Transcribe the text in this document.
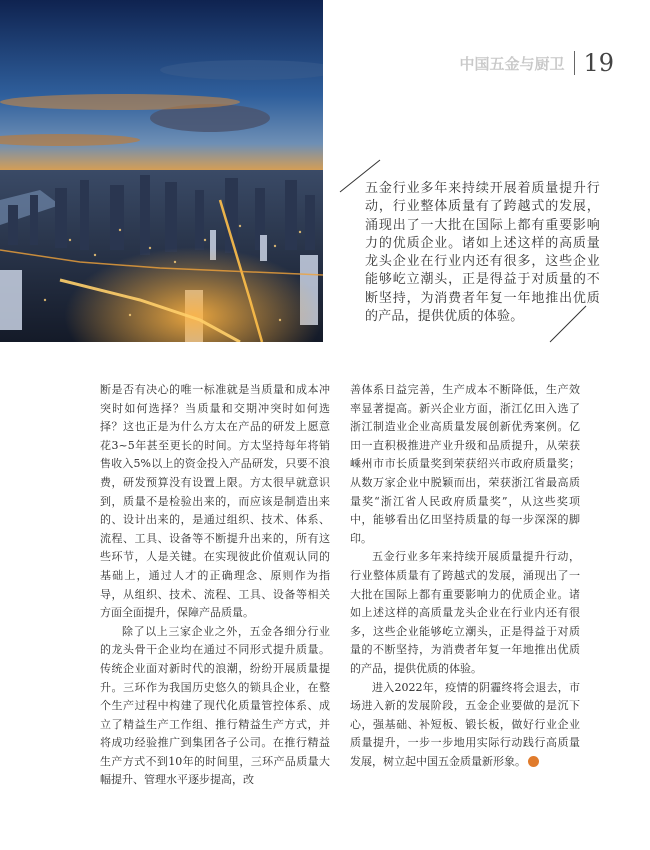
中国五金与厨卫 19
五金行业多年来持续开展着质量提升行动，行业整体质量有了跨越式的发展，涌现出了一大批在国际上都有重要影响力的优质企业。诸如上述这样的高质量龙头企业在行业内还有很多，这些企业能够屹立潮头，正是得益于对质量的不断坚持，为消费者年复一年地推出优质的产品，提供优质的体验。

断是否有决心的唯一标准就是当质量和成本冲突时如何选择？当质量和交期冲突时如何选择？这也正是为什么方太在产品的研发上愿意花3~5年甚至更长的时间。方太坚持每年将销售收入5%以上的资金投入产品研发，只要不浪费，研发预算没有设置上限。方太很早就意识到，质量不是检验出来的，而应该是制造出来的、设计出来的，是通过组织、技术、体系、流程、工具、设备等不断提升出来的，所有这些环节，人是关键。在实现彼此价值观认同的基础上，通过人才的正确理念、原则作为指导，从组织、技术、流程、工具、设备等相关方面全面提升，保障产品质量。

除了以上三家企业之外，五金各细分行业的龙头骨干企业均在通过不同形式提升质量。传统企业面对新时代的浪潮，纷纷开展质量提升。三环作为我国历史悠久的锁具企业，在整个生产过程中构建了现代化质量管控体系、成立了精益生产工作组、推行精益生产方式，并将成功经验推广到集团各子公司。在推行精益生产方式不到10年的时间里，三环产品质量大幅提升、管理水平逐步提高，改

善体系日益完善，生产成本不断降低，生产效率显著提高。新兴企业方面，浙江亿田入选了浙江制造业企业高质量发展创新优秀案例。亿田一直积极推进产业升级和品质提升，从荣获嵊州市市长质量奖到荣获绍兴市政府质量奖；从数万家企业中脱颖而出，荣获浙江省最高质量奖“浙江省人民政府质量奖”，从这些奖项中，能够看出亿田坚持质量的每一步深深的脚印。

五金行业多年来持续开展质量提升行动，行业整体质量有了跨越式的发展，涌现出了一大批在国际上都有重要影响力的优质企业。诸如上述这样的高质量龙头企业在行业内还有很多，这些企业能够屹立潮头，正是得益于对质量的不断坚持，为消费者年复一年地推出优质的产品，提供优质的体验。

进入2022年，疫情的阴霾终将会退去，市场进入新的发展阶段，五金企业要做的是沉下心，强基础、补短板、锻长板，做好行业企业质量提升，一步一步地用实际行动践行高质量发展，树立起中国五金质量新形象。	阅
